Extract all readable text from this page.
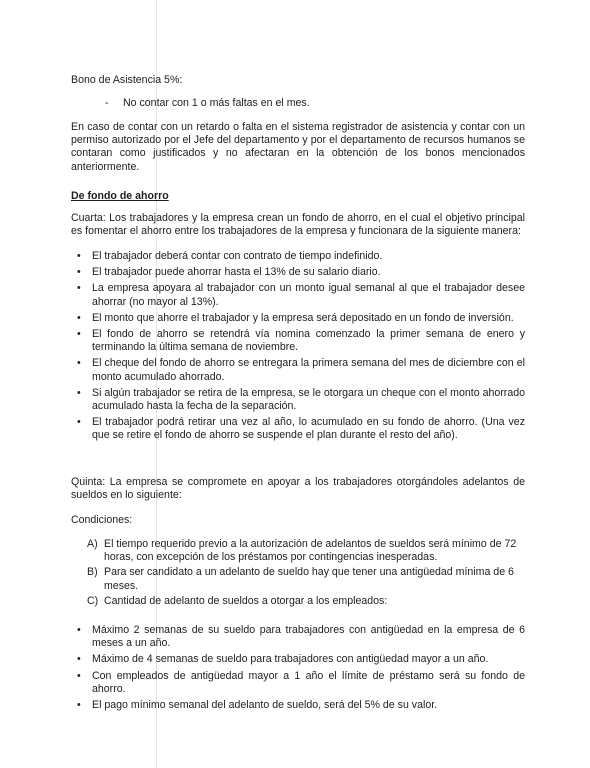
Bono de Asistencia 5%:
- No contar con 1 o más faltas en el mes.
En caso de contar con un retardo o falta en el sistema registrador de asistencia y contar con un permiso autorizado por el Jefe del departamento y por el departamento de recursos humanos se contaran como justificados y no afectaran en la obtención de los bonos mencionados anteriormente.
De fondo de ahorro
Cuarta: Los trabajadores y la empresa crean un fondo de ahorro, en el cual el objetivo principal es fomentar el ahorro entre los trabajadores de la empresa y funcionara de la siguiente manera:
• El trabajador deberá contar con contrato de tiempo indefinido.
• El trabajador puede ahorrar hasta el 13% de su salario diario.
• La empresa apoyara al trabajador con un monto igual semanal al que el trabajador desee ahorrar (no mayor al 13%).
• El monto que ahorre el trabajador y la empresa será depositado en un fondo de inversión.
• El fondo de ahorro se retendrá vía nomina comenzado la primer semana de enero y terminando la última semana de noviembre.
• El cheque del fondo de ahorro se entregara la primera semana del mes de diciembre con el monto acumulado ahorrado.
• Si algún trabajador se retira de la empresa, se le otorgara un cheque con el monto ahorrado acumulado hasta la fecha de la separación.
• El trabajador podrá retirar una vez al año, lo acumulado en su fondo de ahorro. (Una vez que se retire el fondo de ahorro se suspende el plan durante el resto del año).
Quinta: La empresa se compromete en apoyar a los trabajadores otorgándoles adelantos de sueldos en lo siguiente:
Condiciones:
A) El tiempo requerido previo a la autorización de adelantos de sueldos será mínimo de 72 horas, con excepción de los préstamos por contingencias inesperadas.
B) Para ser candidato a un adelanto de sueldo hay que tener una antigüedad mínima de 6 meses.
C) Cantidad de adelanto de sueldos a otorgar a los empleados:
• Máximo 2 semanas de su sueldo para trabajadores con antigüedad en la empresa de 6 meses a un año.
• Máximo de 4 semanas de sueldo para trabajadores con antigüedad mayor a un año.
• Con empleados de antigüedad mayor a 1 año el límite de préstamo será su fondo de ahorro.
• El pago mínimo semanal del adelanto de sueldo, será del 5% de su valor.
